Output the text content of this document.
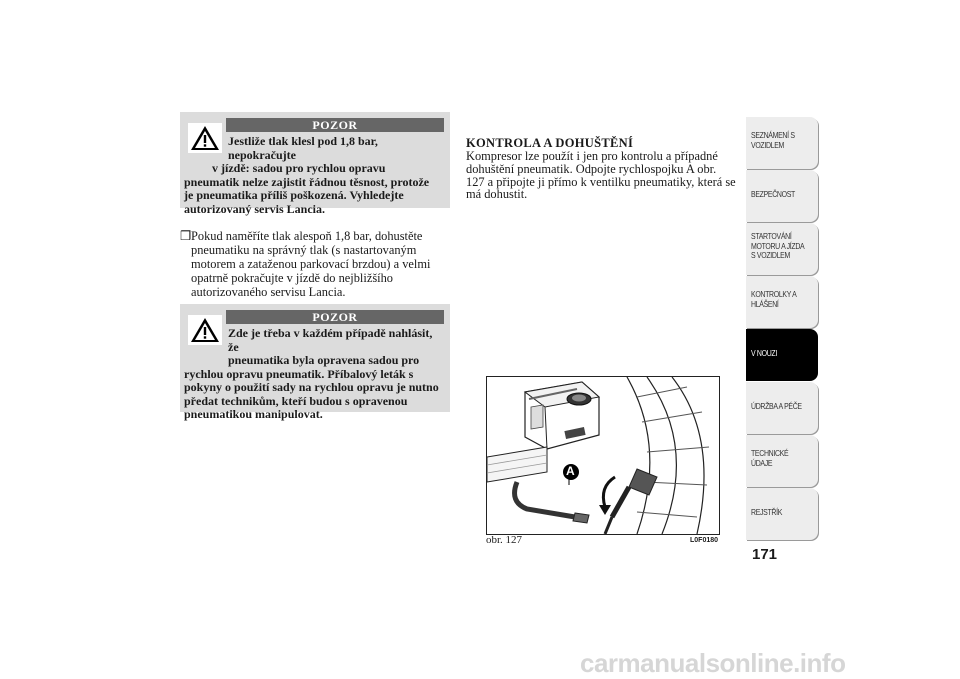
POZOR
Jestliže tlak klesl pod 1,8 bar, nepokračujte
v jízdě: sadou pro rychlou opravu
pneumatik nelze zajistit řádnou těsnost, protože
je pneumatika příliš poškozená. Vyhledejte
autorizovaný servis Lancia.
❒ Pokud naměříte tlak alespoň 1,8 bar, dohustěte
pneumatiku na správný tlak (s nastartovaným
motorem a zataženou parkovací brzdou) a velmi
opatrně pokračujte v jízdě do nejbližšího
autorizovaného servisu Lancia.
POZOR
Zde je třeba v každém případě nahlásit, že
pneumatika byla opravena sadou pro
rychlou opravu pneumatik. Příbalový leták s
pokyny o použití sady na rychlou opravu je nutno
předat technikům, kteří budou s opravenou
pneumatikou manipulovat.
KONTROLA A DOHUŠTĚNÍ
Kompresor lze použít i jen pro kontrolu a případné
dohuštění pneumatik. Odpojte rychlospojku A obr.
127 a připojte ji přímo k ventilku pneumatiky, která se
má dohustit.
A
obr. 127	L0F0180
SEZNÁMENÍ S
VOZIDLEM
BEZPEČNOST
STARTOVÁNÍ
MOTORU A JÍZDA
S VOZIDLEM
KONTROLKY A
HLÁŠENÍ
V NOUZI
ÚDRŽBA A PÉČE
TECHNICKÉ
ÚDAJE
REJSTŘÍK
171
carmanualsonline.info
